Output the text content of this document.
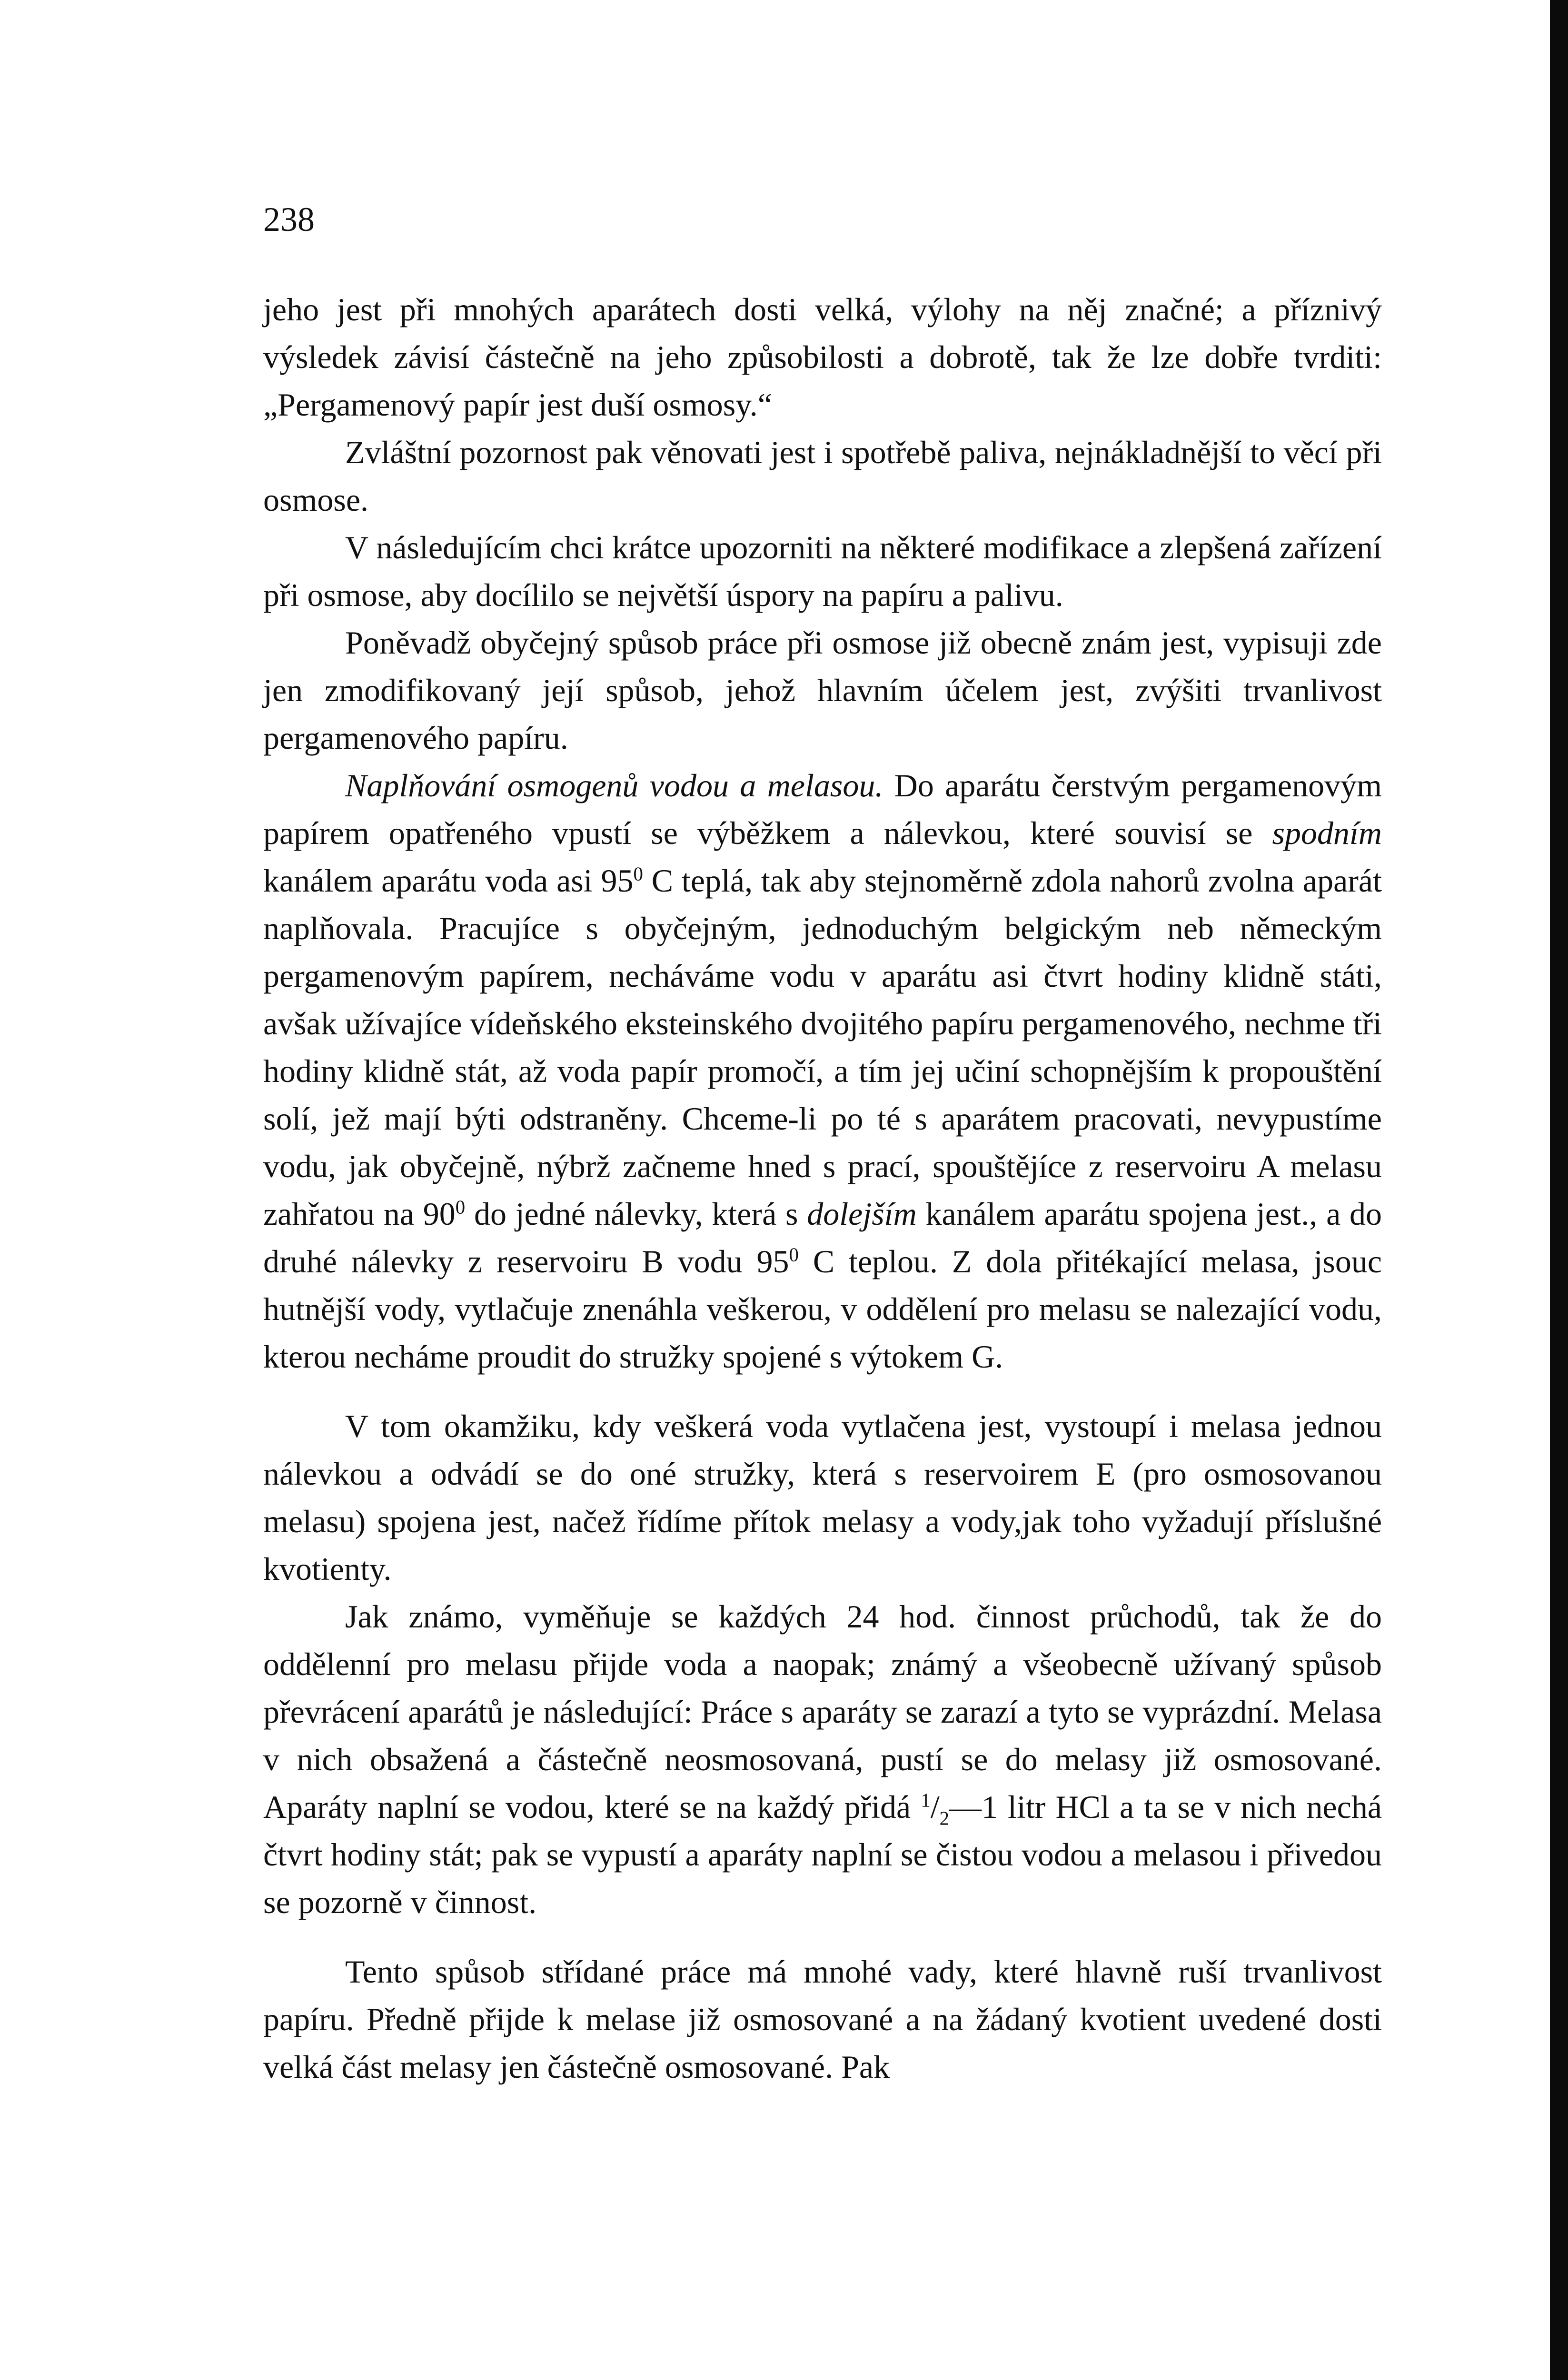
238

jeho jest při mnohých aparátech dosti velká, výlohy na něj značné; a příznivý výsledek závisí částečně na jeho způsobilosti a dobrotě, tak že lze dobře tvrditi: „Pergamenový papír jest duší osmosy.“

Zvláštní pozornost pak věnovati jest i spotřebě paliva, nejnákladnější to věcí při osmose.

V následujícím chci krátce upozorniti na některé modifikace a zlepšená zařízení při osmose, aby docílilo se největší úspory na papíru a palivu.

Poněvadž obyčejný spůsob práce při osmose již obecně znám jest, vypisuji zde jen zmodifikovaný její spůsob, jehož hlavním účelem jest, zvýšiti trvanlivost pergamenového papíru.

Naplňování osmogenů vodou a melasou. Do aparátu čerstvým pergamenovým papírem opatřeného vpustí se výběžkem a nálevkou, které souvisí se spodním kanálem aparátu voda asi $95^0$ C teplá, tak aby stejnoměrně zdola nahorů zvolna aparát naplňovala. Pracujíce s obyčejným, jednoduchým belgickým neb německým pergamenovým papírem, necháváme vodu v aparátu asi čtvrt hodiny klidně státi, avšak užívajíce vídeňského eksteinského dvojitého papíru pergamenového, nechme tři hodiny klidně stát, až voda papír promočí, a tím jej učiní schopnějším k propouštění solí, jež mají býti odstraněny. Chceme-li po té s aparátem pracovati, nevypustíme vodu, jak obyčejně, nýbrž začneme hned s prací, spouštějíce z reservoiru A melasu zahřatou na $90^0$ do jedné nálevky, která s dolejším kanálem aparátu spojena jest., a do druhé nálevky z reservoiru B vodu $95^0$ C teplou. Z dola přitékající melasa, jsouc hutnější vody, vytlačuje znenáhla veškerou, v oddělení pro melasu se nalezající vodu, kterou necháme proudit do stružky spojené s výtokem G.

V tom okamžiku, kdy veškerá voda vytlačena jest, vystoupí i melasa jednou nálevkou a odvádí se do oné stružky, která s reservoirem E (pro osmosovanou melasu) spojena jest, načež řídíme přítok melasy a vody,jak toho vyžadují příslušné kvotienty.

Jak známo, vyměňuje se každých 24 hod. činnost průchodů, tak že do oddělenní pro melasu přijde voda a naopak; známý a všeobecně užívaný spůsob převrácení aparátů je následující: Práce s aparáty se zarazí a tyto se vyprázdní. Melasa v nich obsažená a částečně neosmosovaná, pustí se do melasy již osmosované. Aparáty naplní se vodou, které se na každý přidá $^1/_2—1$ litr HCl a ta se v nich nechá čtvrt hodiny stát; pak se vypustí a aparáty naplní se čistou vodou a melasou i přivedou se pozorně v činnost.

Tento spůsob střídané práce má mnohé vady, které hlavně ruší trvanlivost papíru. Předně přijde k melase již osmosované a na žádaný kvotient uvedené dosti velká část melasy jen částečně osmosované. Pak
